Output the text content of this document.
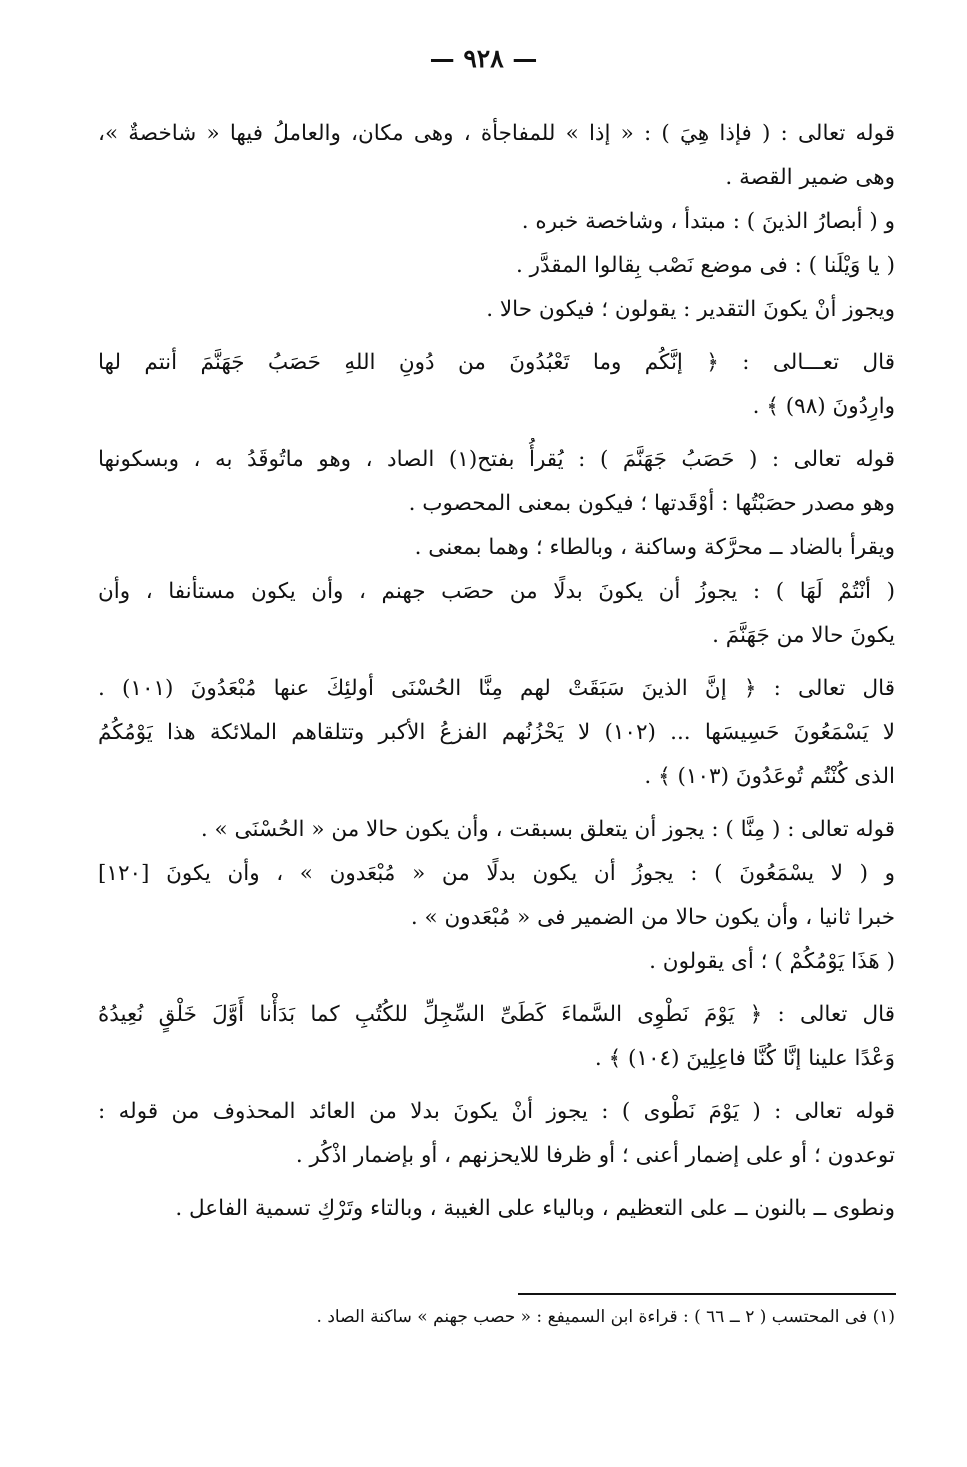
— ٩٢٨ —
قوله تعالى : ( فإذا هِيَ ) : « إذا » للمفاجأة ، وهى مكان، والعاملُ فيها « شاخصةٌ »،
وهى ضمير القصة .
و ( أبصارُ الذينَ ) : مبتدأ ، وشاخصة خبره .
( يا وَيْلَنا ) : فى موضع نَصْب بِقالوا المقدَّر .
ويجوز أنْ يكونَ التقدير : يقولون ؛ فيكون حالا .
قال تعـــالى : ﴿ إنَّكُم وما تَعْبُدُونَ من دُونِ اللهِ حَصَبُ جَهَنَّمَ أنتم لها
وارِدُونَ (٩٨) ﴾ .
قوله تعالى : ( حَصَبُ جَهَنَّمَ ) : يُقرأُ بفتح(١) الصاد ، وهو ماتُوقَدُ به ، وبسكونها
وهو مصدر حصَبْتُها : أوْقَدتها ؛ فيكون بمعنى المحصوب .
ويقرأ بالضاد ــ محرَّكة وساكنة ، وبالطاء ؛ وهما بمعنى .
( أنْتُمْ لَهَا ) : يجوزُ أن يكونَ بدلًا من حصَب جهنم ، وأن يكون مستأنفا ، وأن
يكونَ حالا من جَهَنَّمَ .
قال تعالى : ﴿ إنَّ الذينَ سَبَقَتْ لهم مِنَّا الحُسْنَى أولئِكَ عنها مُبْعَدُونَ (١٠١) .
لا يَسْمَعُونَ حَسِيسَها ... (١٠٢) لا يَحْزُنُهم الفزعُ الأكبر وتتلقاهم الملائكة هذا يَوْمُكُمُ
الذى كُنْتُم تُوعَدُونَ (١٠٣) ﴾ .
قوله تعالى : ( مِنَّا ) : يجوز أن يتعلق بسبقت ، وأن يكون حالا من « الحُسْنَى » .
و ( لا يسْمَعُونَ ) : يجوزُ أن يكون بدلًا من « مُبْعَدون » ، وأن يكونَ [١٢٠]
خبرا ثانيا ، وأن يكون حالا من الضمير فى « مُبْعَدون » .
( هَذَا يَوْمُكُمْ ) ؛ أى يقولون .
قال تعالى : ﴿ يَوْمَ نَطْوِى السَّماءَ كَطَىِّ السِّجِلِّ للكُتُبِ كما بَدَأْنا أَوَّلَ خَلْقٍ نُعِيدُهُ
وَعْدًا علينا إنَّا كُنَّا فاعِلِينَ (١٠٤) ﴾ .
قوله تعالى : ( يَوْمَ نَطْوى ) : يجوز أنْ يكونَ بدلا من العائد المحذوف من قوله :
توعدون ؛ أو على إضمار أعنى ؛ أو ظرفا للايحزنهم ، أو بإضمار اذْكُر .
ونطوى ــ بالنون ــ على التعظيم ، وبالياء على الغيبة ، وبالتاء وتَرْكِ تسمية الفاعل .
(١) فى المحتسب ( ٢ ــ ٦٦ ) : قراءة ابن السميفع : « حصب جهنم » ساكنة الصاد .
